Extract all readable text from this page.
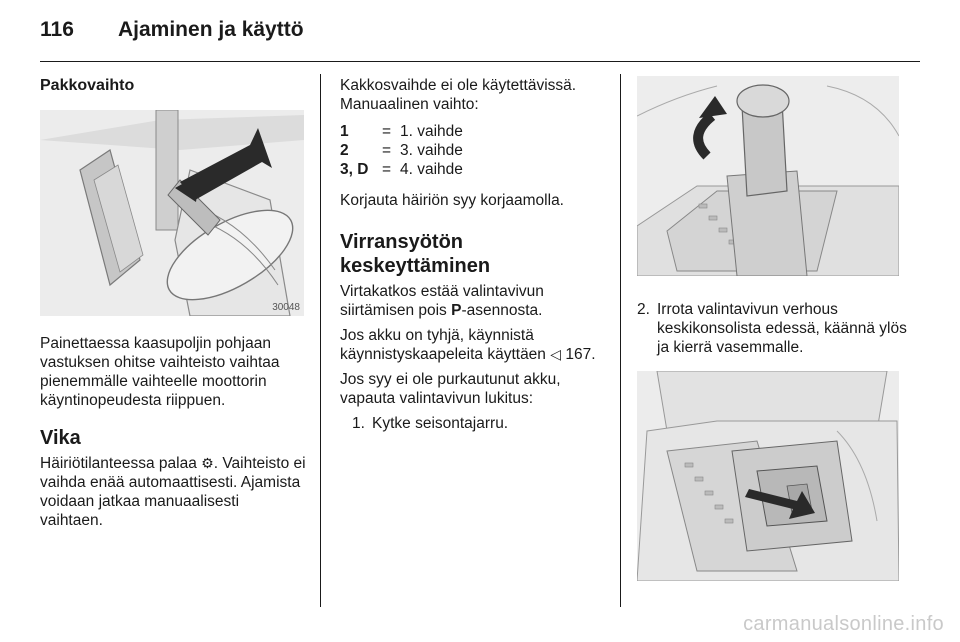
116 Ajaminen ja käyttö
Pakkovaihto
30048

Painettaessa kaasupoljin pohjaan vastuksen ohitse vaihteisto vaihtaa pienemmälle vaihteelle moottorin käyntinopeudesta riippuen.

Vika

Häiriötilanteessa palaa ⚙. Vaihteisto ei vaihda enää automaattisesti. Ajamista voidaan jatkaa manuaalisesti vaihtaen.

Kakkosvaihde ei ole käytettävissä. Manuaalinen vaihto:

1	=	1. vaihde
2	=	3. vaihde
3, D	=	4. vaihde

Korjauta häiriön syy korjaamolla.

Virransyötön keskeyttäminen

Virtakatkos estää valintavivun siirtämisen pois P-asennosta.

Jos akku on tyhjä, käynnistä käynnistyskaapeleita käyttäen ◁ 167.

Jos syy ei ole purkautunut akku, vapauta valintavivun lukitus:

1. Kytke seisontajarru.
2. Irrota valintavivun verhous keskikonsolista edessä, käännä ylös ja kierrä vasemmalle.
carmanualsonline.info
